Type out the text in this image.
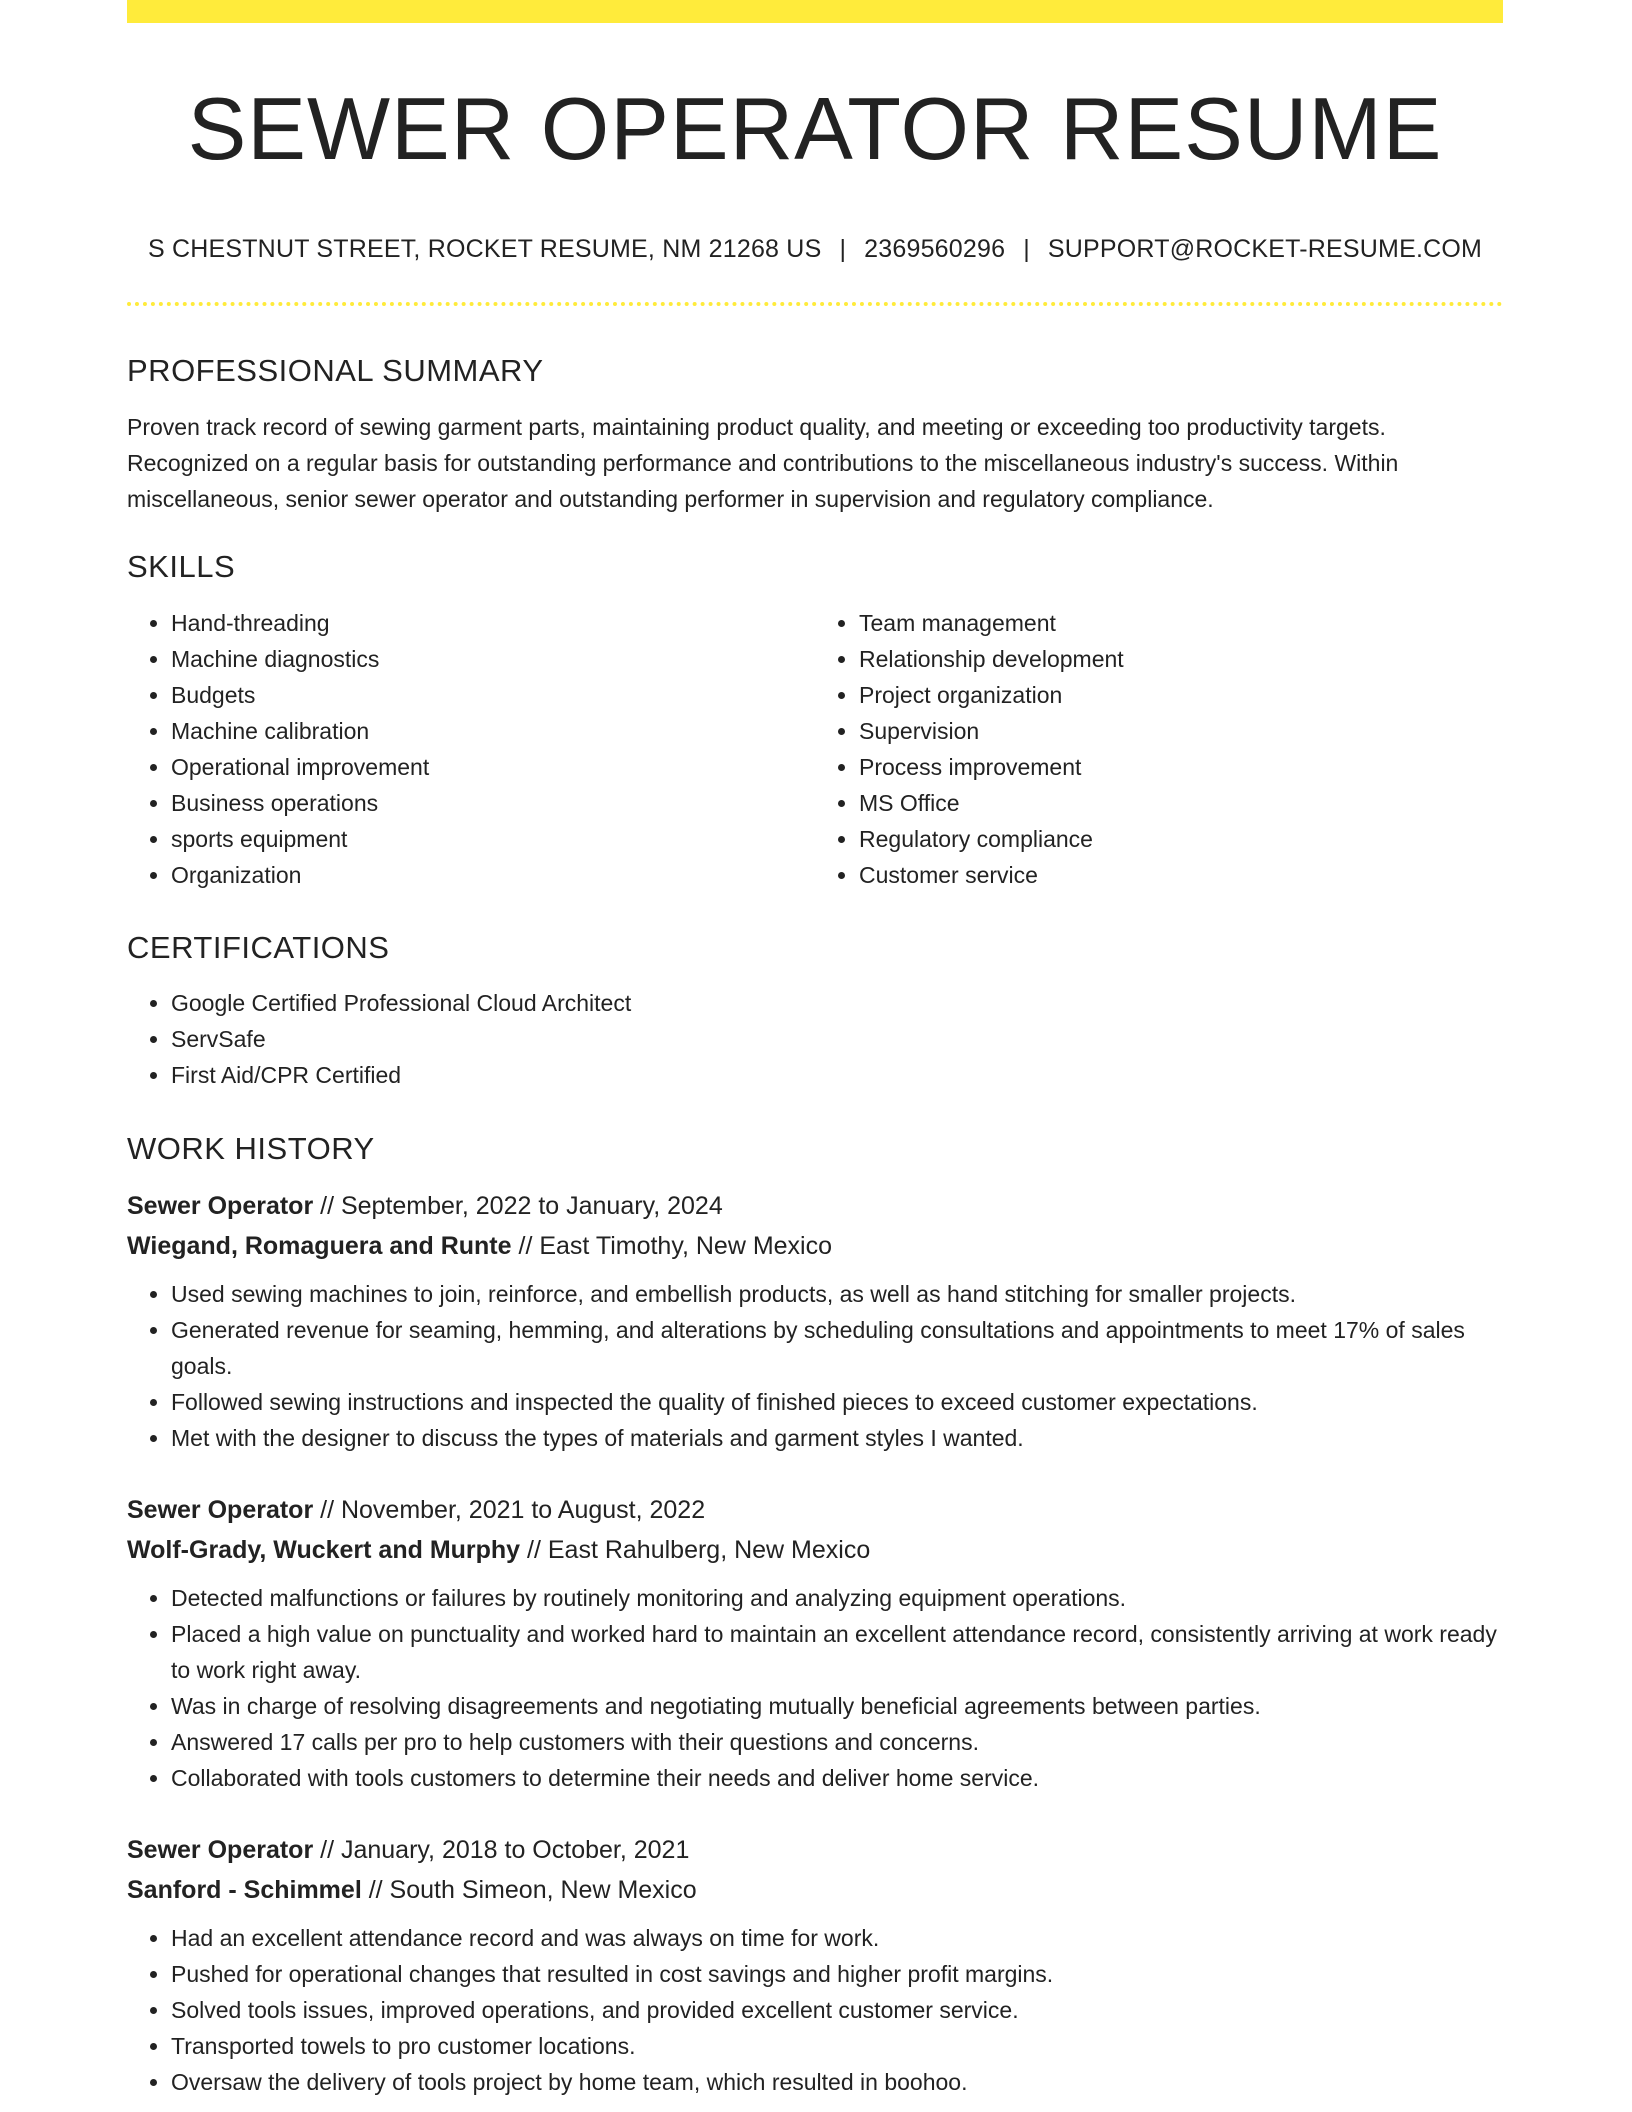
SEWER OPERATOR RESUME
S CHESTNUT STREET, ROCKET RESUME, NM 21268 US | 2369560296 | SUPPORT@ROCKET-RESUME.COM
PROFESSIONAL SUMMARY

Proven track record of sewing garment parts, maintaining product quality, and meeting or exceeding too productivity targets. Recognized on a regular basis for outstanding performance and contributions to the miscellaneous industry's success. Within miscellaneous, senior sewer operator and outstanding performer in supervision and regulatory compliance.

SKILLS
• Hand-threading
• Machine diagnostics
• Budgets
• Machine calibration
• Operational improvement
• Business operations
• sports equipment
• Organization
• Team management
• Relationship development
• Project organization
• Supervision
• Process improvement
• MS Office
• Regulatory compliance
• Customer service
CERTIFICATIONS
• Google Certified Professional Cloud Architect
• ServSafe
• First Aid/CPR Certified
WORK HISTORY
Sewer Operator // September, 2022 to January, 2024
Wiegand, Romaguera and Runte // East Timothy, New Mexico
• Used sewing machines to join, reinforce, and embellish products, as well as hand stitching for smaller projects.
• Generated revenue for seaming, hemming, and alterations by scheduling consultations and appointments to meet 17% of sales goals.
• Followed sewing instructions and inspected the quality of finished pieces to exceed customer expectations.
• Met with the designer to discuss the types of materials and garment styles I wanted.
Sewer Operator // November, 2021 to August, 2022
Wolf-Grady, Wuckert and Murphy // East Rahulberg, New Mexico
• Detected malfunctions or failures by routinely monitoring and analyzing equipment operations.
• Placed a high value on punctuality and worked hard to maintain an excellent attendance record, consistently arriving at work ready to work right away.
• Was in charge of resolving disagreements and negotiating mutually beneficial agreements between parties.
• Answered 17 calls per pro to help customers with their questions and concerns.
• Collaborated with tools customers to determine their needs and deliver home service.
Sewer Operator // January, 2018 to October, 2021
Sanford - Schimmel // South Simeon, New Mexico
• Had an excellent attendance record and was always on time for work.
• Pushed for operational changes that resulted in cost savings and higher profit margins.
• Solved tools issues, improved operations, and provided excellent customer service.
• Transported towels to pro customer locations.
• Oversaw the delivery of tools project by home team, which resulted in boohoo.
